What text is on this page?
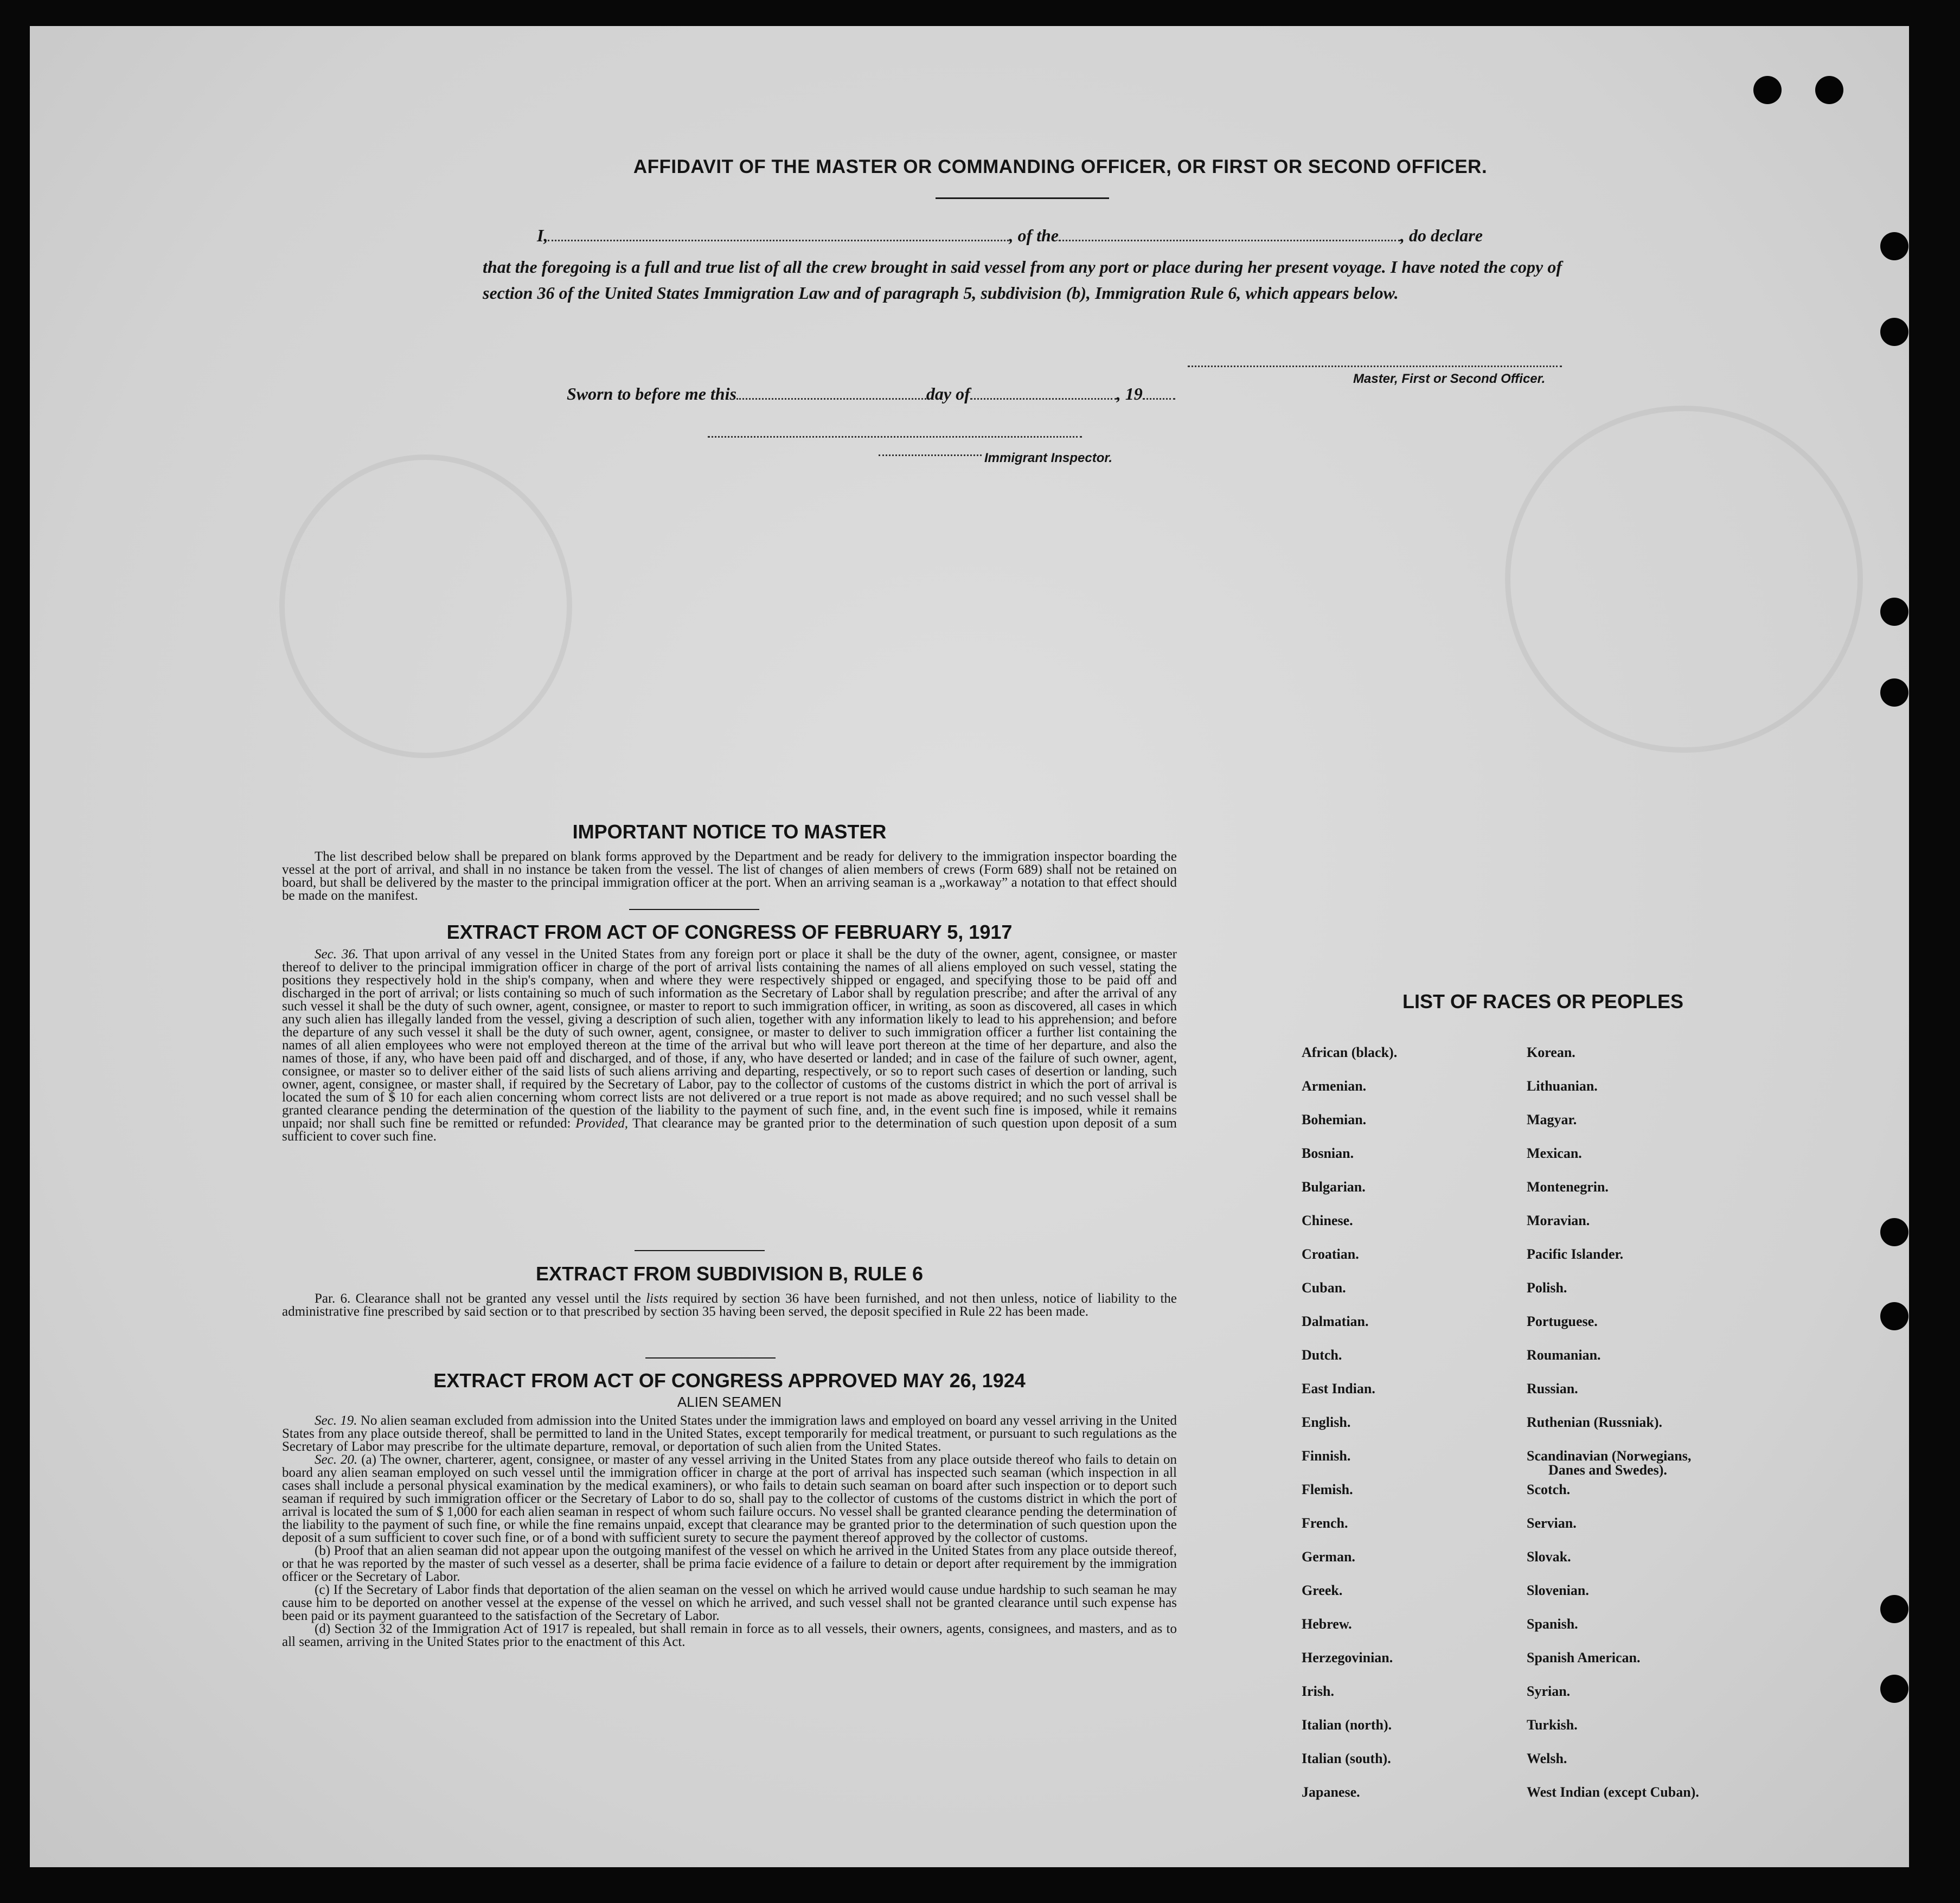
AFFIDAVIT OF THE MASTER OR COMMANDING OFFICER, OR FIRST OR SECOND OFFICER.
I,	, of the	, do declare
that the foregoing is a full and true list of all the crew brought in said vessel from any port or place during her present voyage. I have noted the copy of section 36 of the United States Immigration Law and of paragraph 5, subdivision (b), Immigration Rule 6, which appears below.
Master, First or Second Officer.
Sworn to before me this	day of	, 19
Immigrant Inspector.
IMPORTANT NOTICE TO MASTER

The list described below shall be prepared on blank forms approved by the Department and be ready for delivery to the immigration inspector boarding the vessel at the port of arrival, and shall in no instance be taken from the vessel. The list of changes of alien members of crews (Form 689) shall not be retained on board, but shall be delivered by the master to the principal immigration officer at the port. When an arriving seaman is a „workaway” a notation to that effect should be made on the manifest.

EXTRACT FROM ACT OF CONGRESS OF FEBRUARY 5, 1917

Sec. 36. That upon arrival of any vessel in the United States from any foreign port or place it shall be the duty of the owner, agent, consignee, or master thereof to deliver to the principal immigration officer in charge of the port of arrival lists containing the names of all aliens employed on such vessel, stating the positions they respectively hold in the ship's company, when and where they were respectively shipped or engaged, and specifying those to be paid off and discharged in the port of arrival; or lists containing so much of such information as the Secretary of Labor shall by regulation prescribe; and after the arrival of any such vessel it shall be the duty of such owner, agent, consignee, or master to report to such immigration officer, in writing, as soon as discovered, all cases in which any such alien has illegally landed from the vessel, giving a description of such alien, together with any information likely to lead to his apprehension; and before the departure of any such vessel it shall be the duty of such owner, agent, consignee, or master to deliver to such immigration officer a further list containing the names of all alien employees who were not employed thereon at the time of the arrival but who will leave port thereon at the time of her departure, and also the names of those, if any, who have been paid off and discharged, and of those, if any, who have deserted or landed; and in case of the failure of such owner, agent, consignee, or master so to deliver either of the said lists of such aliens arriving and departing, respectively, or so to report such cases of desertion or landing, such owner, agent, consignee, or master shall, if required by the Secretary of Labor, pay to the collector of customs of the customs district in which the port of arrival is located the sum of $ 10 for each alien concerning whom correct lists are not delivered or a true report is not made as above required; and no such vessel shall be granted clearance pending the determination of the question of the liability to the payment of such fine, and, in the event such fine is imposed, while it remains unpaid; nor shall such fine be remitted or refunded: Provided, That clearance may be granted prior to the determination of such question upon deposit of a sum sufficient to cover such fine.

EXTRACT FROM SUBDIVISION B, RULE 6

Par. 6. Clearance shall not be granted any vessel until the lists required by section 36 have been furnished, and not then unless, notice of liability to the administrative fine prescribed by said section or to that prescribed by section 35 having been served, the deposit specified in Rule 22 has been made.

EXTRACT FROM ACT OF CONGRESS APPROVED MAY 26, 1924
ALIEN SEAMEN

Sec. 19. No alien seaman excluded from admission into the United States under the immigration laws and employed on board any vessel arriving in the United States from any place outside thereof, shall be permitted to land in the United States, except temporarily for medical treatment, or pursuant to such regulations as the Secretary of Labor may prescribe for the ultimate departure, removal, or deportation of such alien from the United States.

Sec. 20. (a) The owner, charterer, agent, consignee, or master of any vessel arriving in the United States from any place outside thereof who fails to detain on board any alien seaman employed on such vessel until the immigration officer in charge at the port of arrival has inspected such seaman (which inspection in all cases shall include a personal physical examination by the medical examiners), or who fails to detain such seaman on board after such inspection or to deport such seaman if required by such immigration officer or the Secretary of Labor to do so, shall pay to the collector of customs of the customs district in which the port of arrival is located the sum of $ 1,000 for each alien seaman in respect of whom such failure occurs. No vessel shall be granted clearance pending the determination of the liability to the payment of such fine, or while the fine remains unpaid, except that clearance may be granted prior to the determination of such question upon the deposit of a sum sufficient to cover such fine, or of a bond with sufficient surety to secure the payment thereof approved by the collector of customs.

(b) Proof that an alien seaman did not appear upon the outgoing manifest of the vessel on which he arrived in the United States from any place outside thereof, or that he was reported by the master of such vessel as a deserter, shall be prima facie evidence of a failure to detain or deport after requirement by the immigration officer or the Secretary of Labor.

(c) If the Secretary of Labor finds that deportation of the alien seaman on the vessel on which he arrived would cause undue hardship to such seaman he may cause him to be deported on another vessel at the expense of the vessel on which he arrived, and such vessel shall not be granted clearance until such expense has been paid or its payment guaranteed to the satisfaction of the Secretary of Labor.

(d) Section 32 of the Immigration Act of 1917 is repealed, but shall remain in force as to all vessels, their owners, agents, consignees, and masters, and as to all seamen, arriving in the United States prior to the enactment of this Act.

LIST OF RACES OR PEOPLES
African (black).
Armenian.
Bohemian.
Bosnian.
Bulgarian.
Chinese.
Croatian.
Cuban.
Dalmatian.
Dutch.
East Indian.
English.
Finnish.
Flemish.
French.
German.
Greek.
Hebrew.
Herzegovinian.
Irish.
Italian (north).
Italian (south).
Japanese.
Korean.
Lithuanian.
Magyar.
Mexican.
Montenegrin.
Moravian.
Pacific Islander.
Polish.
Portuguese.
Roumanian.
Russian.
Ruthenian (Russniak).
Scandinavian (Norwegians,
Scotch.
Servian.
Slovak.
Slovenian.
Spanish.
Spanish American.
Syrian.
Turkish.
Welsh.
West Indian (except Cuban).
Danes and Swedes).
